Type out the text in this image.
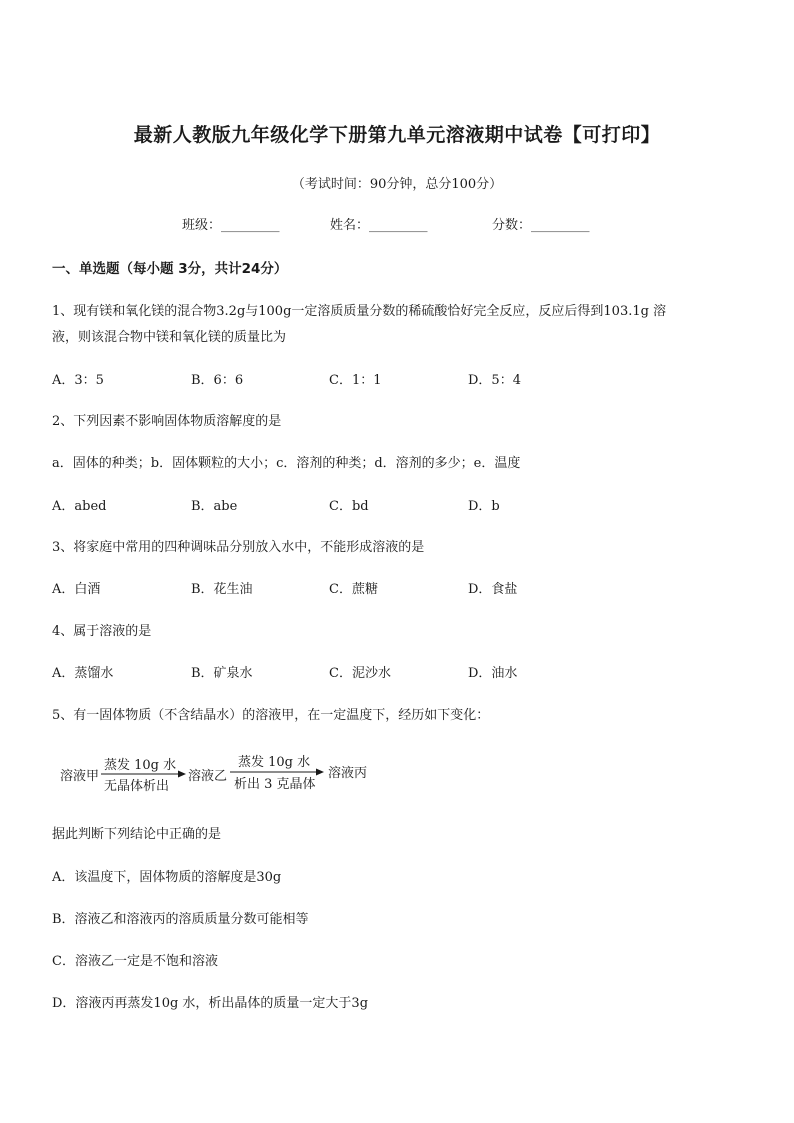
最新人教版九年级化学下册第九单元溶液期中试卷【可打印】
（考试时间：90分钟，总分100分）
班级：_________	姓名：_________	分数：_________
一、单选题（每小题 3分，共计24分）
1、现有镁和氧化镁的混合物3.2g与100g一定溶质质量分数的稀硫酸恰好完全反应，反应后得到103.1g 溶
液，则该混合物中镁和氧化镁的质量比为
A．3：5	B．6：6	C．1：1	D．5：4
2、下列因素不影响固体物质溶解度的是
a．固体的种类；b．固体颗粒的大小；c．溶剂的种类；d．溶剂的多少；e．温度
A．abed	B．abe	C．bd	D．b
3、将家庭中常用的四种调味品分别放入水中，不能形成溶液的是
A．白酒	B．花生油	C．蔗糖	D．食盐
4、属于溶液的是
A．蒸馏水	B．矿泉水	C．泥沙水	D．油水
5、有一固体物质（不含结晶水）的溶液甲，在一定温度下，经历如下变化：
溶液甲
蒸发 10g 水
无晶体析出
溶液乙
蒸发 10g 水
析出 3 克晶体
溶液丙
据此判断下列结论中正确的是
A．该温度下，固体物质的溶解度是30g
B．溶液乙和溶液丙的溶质质量分数可能相等
C．溶液乙一定是不饱和溶液
D．溶液丙再蒸发10g 水，析出晶体的质量一定大于3g
